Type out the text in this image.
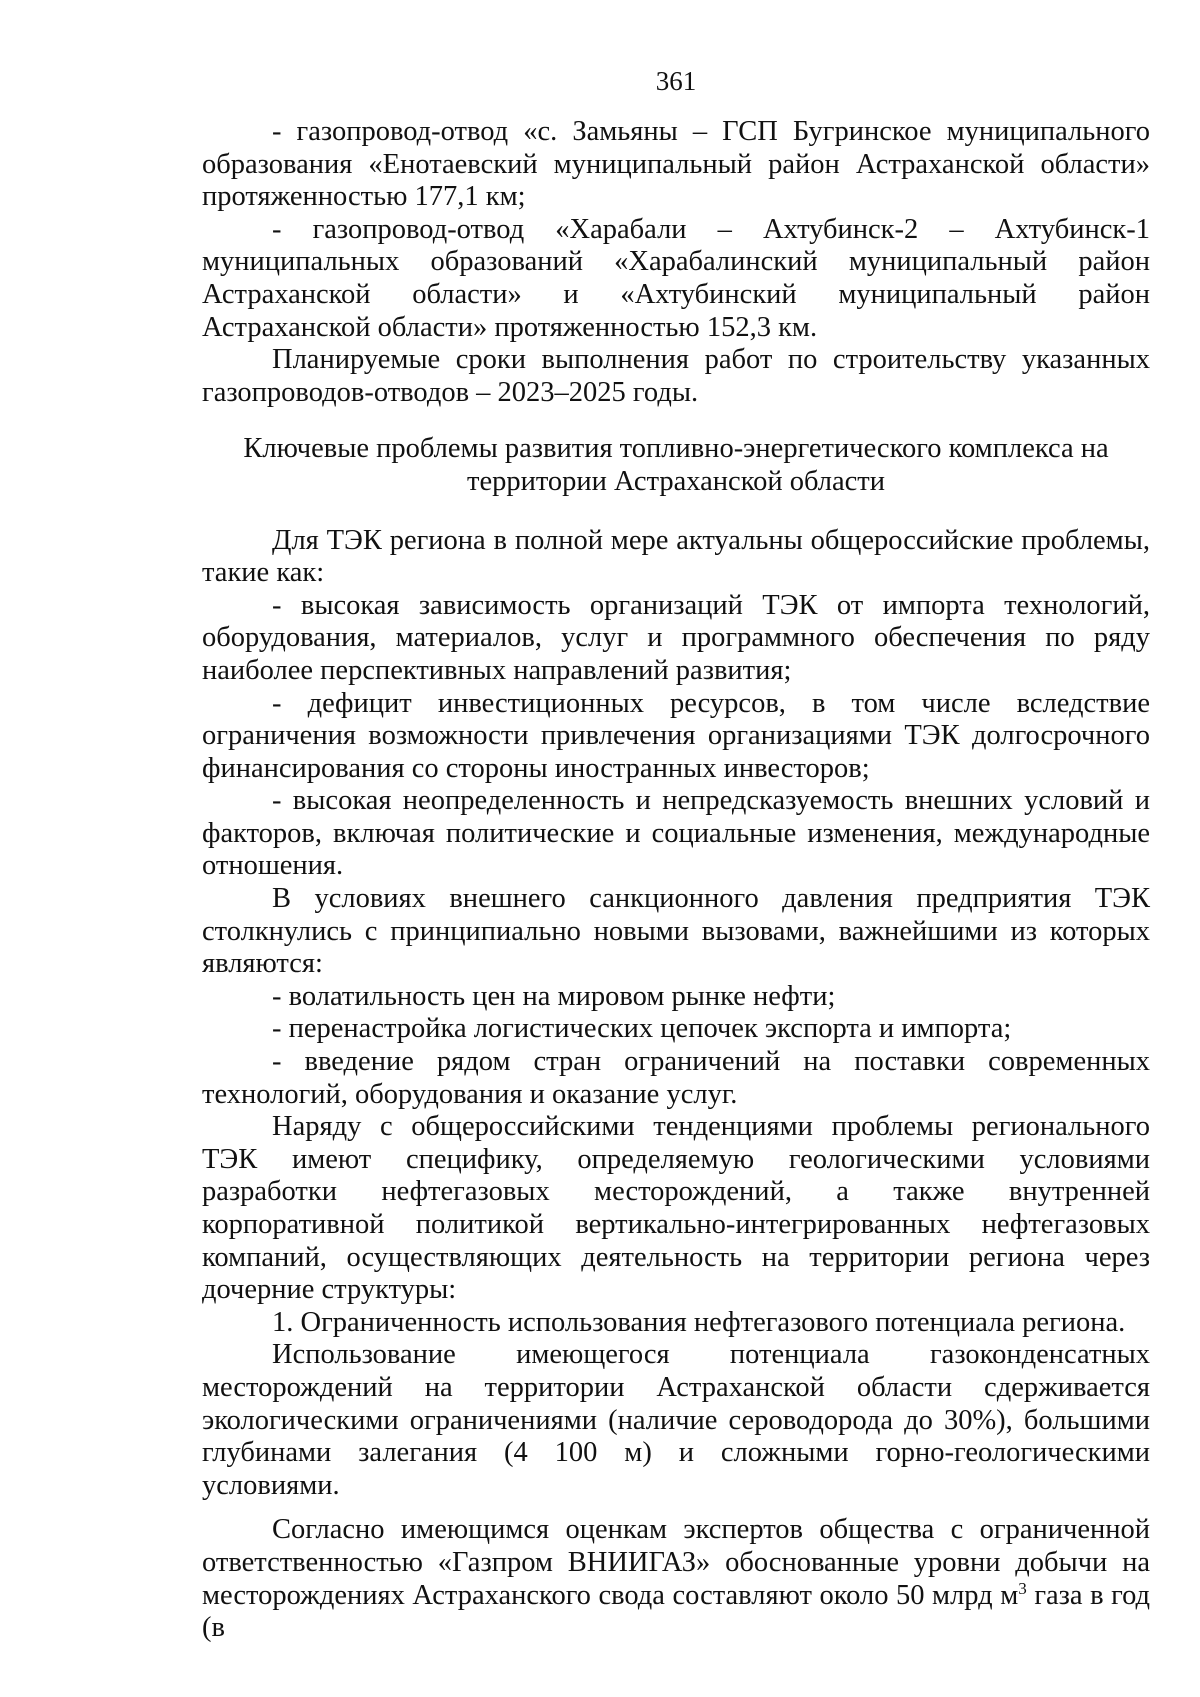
361

- газопровод-отвод «с. Замьяны – ГСП Бугринское муниципального образования «Енотаевский муниципальный район Астраханской области» протяженностью 177,1 км;

- газопровод-отвод «Харабали – Ахтубинск-2 – Ахтубинск-1 муниципальных образований «Харабалинский муниципальный район Астраханской области» и «Ахтубинский муниципальный район Астраханской области» протяженностью 152,3 км.

Планируемые сроки выполнения работ по строительству указанных газопроводов-отводов – 2023–2025 годы.

Ключевые проблемы развития топливно-энергетического комплекса на территории Астраханской области

Для ТЭК региона в полной мере актуальны общероссийские проблемы, такие как:

- высокая зависимость организаций ТЭК от импорта технологий, оборудования, материалов, услуг и программного обеспечения по ряду наиболее перспективных направлений развития;

- дефицит инвестиционных ресурсов, в том числе вследствие ограничения возможности привлечения организациями ТЭК долгосрочного финансирования со стороны иностранных инвесторов;

- высокая неопределенность и непредсказуемость внешних условий и факторов, включая политические и социальные изменения, международные отношения.

В условиях внешнего санкционного давления предприятия ТЭК столкнулись с принципиально новыми вызовами, важнейшими из которых являются:

- волатильность цен на мировом рынке нефти;

- перенастройка логистических цепочек экспорта и импорта;

- введение рядом стран ограничений на поставки современных технологий, оборудования и оказание услуг.

Наряду с общероссийскими тенденциями проблемы регионального ТЭК имеют специфику, определяемую геологическими условиями разработки нефтегазовых месторождений, а также внутренней корпоративной политикой вертикально-интегрированных нефтегазовых компаний, осуществляющих деятельность на территории региона через дочерние структуры:

1. Ограниченность использования нефтегазового потенциала региона.

Использование имеющегося потенциала газоконденсатных месторождений на территории Астраханской области сдерживается экологическими ограничениями (наличие сероводорода до 30%), большими глубинами залегания (4 100 м) и сложными горно-геологическими условиями.

Согласно имеющимся оценкам экспертов общества с ограниченной ответственностью «Газпром ВНИИГАЗ» обоснованные уровни добычи на месторождениях Астраханского свода составляют около 50 млрд $м^3$ газа в год (в
